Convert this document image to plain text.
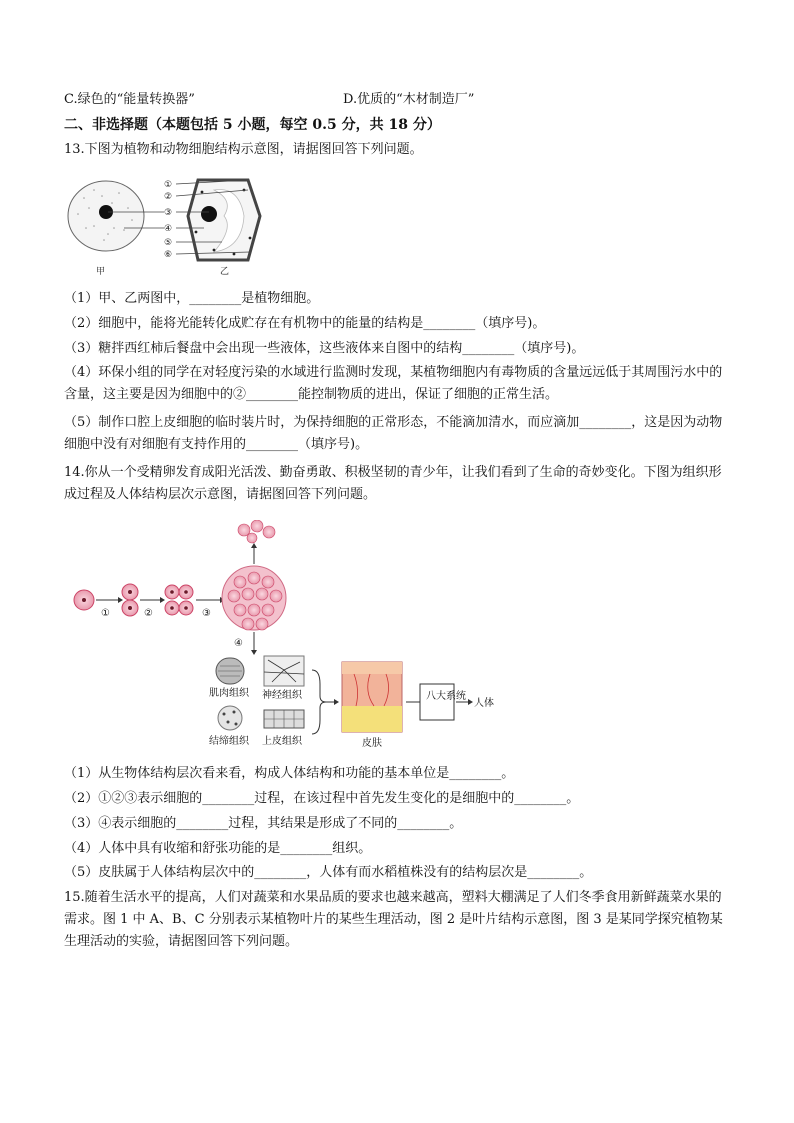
C.绿色的“能量转换器”	D.优质的“木材制造厂”
二、非选择题（本题包括 5 小题，每空 0.5 分，共 18 分）
13.下图为植物和动物细胞结构示意图，请据图回答下列问题。
①
②
③
④
⑤
⑥
甲	乙
（1）甲、乙两图中，________是植物细胞。
（2）细胞中，能将光能转化成贮存在有机物中的能量的结构是________（填序号)。
（3）糖拌西红柿后餐盘中会出现一些液体，这些液体来自图中的结构________（填序号)。
（4）环保小组的同学在对轻度污染的水域进行监测时发现，某植物细胞内有毒物质的含量远远低于其周围污水中的含量，这主要是因为细胞中的②________能控制物质的进出，保证了细胞的正常生活。
（5）制作口腔上皮细胞的临时装片时，为保持细胞的正常形态，不能滴加清水，而应滴加________，这是因为动物细胞中没有对细胞有支持作用的________（填序号)。
14.你从一个受精卵发育成阳光活泼、勤奋勇敢、积极坚韧的青少年，让我们看到了生命的奇妙变化。下图为组织形成过程及人体结构层次示意图，请据图回答下列问题。
①	②	③
④
肌肉组织 神经组织
结缔组织 上皮组织	皮肤
八大系统
人体
（1）从生物体结构层次看来看，构成人体结构和功能的基本单位是________。
（2）①②③表示细胞的________过程，在该过程中首先发生变化的是细胞中的________。
（3）④表示细胞的________过程，其结果是形成了不同的________。
（4）人体中具有收缩和舒张功能的是________组织。
（5）皮肤属于人体结构层次中的________，人体有而水稻植株没有的结构层次是________。
15.随着生活水平的提高，人们对蔬菜和水果品质的要求也越来越高，塑料大棚满足了人们冬季食用新鲜蔬菜水果的需求。图 1 中 A、B、C 分别表示某植物叶片的某些生理活动，图 2 是叶片结构示意图，图 3 是某同学探究植物某生理活动的实验，请据图回答下列问题。
